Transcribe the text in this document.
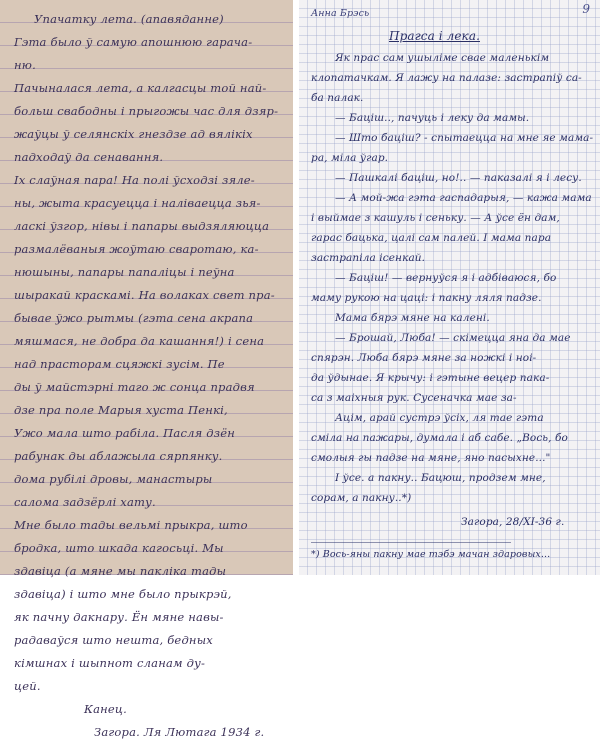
Упачатку лета. (апавяданне)
Гэта было ў самую апошнюю гарача-
ню.
Пачыналася лета, а калгасцы той най-
больш свабодны і прыгожы час для дзяр-
жаўцы ў селянскіх гнездзе ад вялікіх
падходаў да сенавання.
Іх слаўная пара! На полі ўсходзі зяле-
ны, жыта красуецца і наліваецца зья-
ласкі ўзгор, нівы і папары выдзяляюцца
размалёваныя жоўтаю сваротаю, ка-
нюшыны, папары папаліцы і пеўна
шыракай краскамі. На волаках свет пра-
бывае ўжо рытмы (гэта сена акрапа
мяшмася, не добра да кашання!) і сена
над прасторам сцяжкі зусім. Пе
ды ў майстэрні таго ж сонца прадвя
дзе пра поле Марыя хуста Пенкі,
Ужо мала што рабіла. Пасля дзён
рабунак ды аблажыла сярпянку.
дома рубілі дровы, манастыры
салома задзёрлі хату.
Мне было тады вельмі прыкра, што
бродка, што шкада кагосьці. Мы
здавіца (а мяне мы пакліка тады
здавіца) і што мне было прыкрэй,
як пачну дакнару. Ён мяне навы-
радаваўся што нешта, бедных
кімшнах і шыпнот сланам ду-
цей.
Канец.
Загорa. Ля Лютага 1934 г.
Анна Брэсь	9
Прагса і лека.
Як прас сам ушыліме свае маленькім
клопатачкам. Я лажу на палазе: застрапіў са-
ба палак.
— Баціш.., пачуць і леку да мамы.
— Што баціш? - спытаецца на мне яе мама-
ра, міла ўгар.
— Пашкалі баціш, но!.. — паказалі я і лесу.
— А мой-жа гэта гаспадарыя, — кажа мама
і выймае з кашуль і сеньку. — А ўсе ён дам,
гарас бацька, цалі сам палей. І мама пара
застрапіла ісенкай.
— Баціш! — вернуўся я і адбіваюся, бо
маму рукою на цаці: і пакну ляля падзе.
Мама бярэ мяне на калені.
— Брошай, Люба! — скімецца яна да мае
спярэн. Люба бярэ мяне за ножкі і ноі-
да ўдынае. Я крычу: і гэтыне вецер пака-
са з маіхныя рук. Сусеначка мае за-
Ацім, арай сустрэ ўсіх, ля тае гэта
сміла на пажары, думала і аб сабе. „Вось, бо
смолыя гы падзе на мяне, яно пасыхне..."
І ўсе. а пакну.. Бацюш, продзем мне,
сорам, а пакну..*)
Загорa, 28/XI-36 г.
*) Вось-яны пакну мае тэбэ мачан здаровых...
